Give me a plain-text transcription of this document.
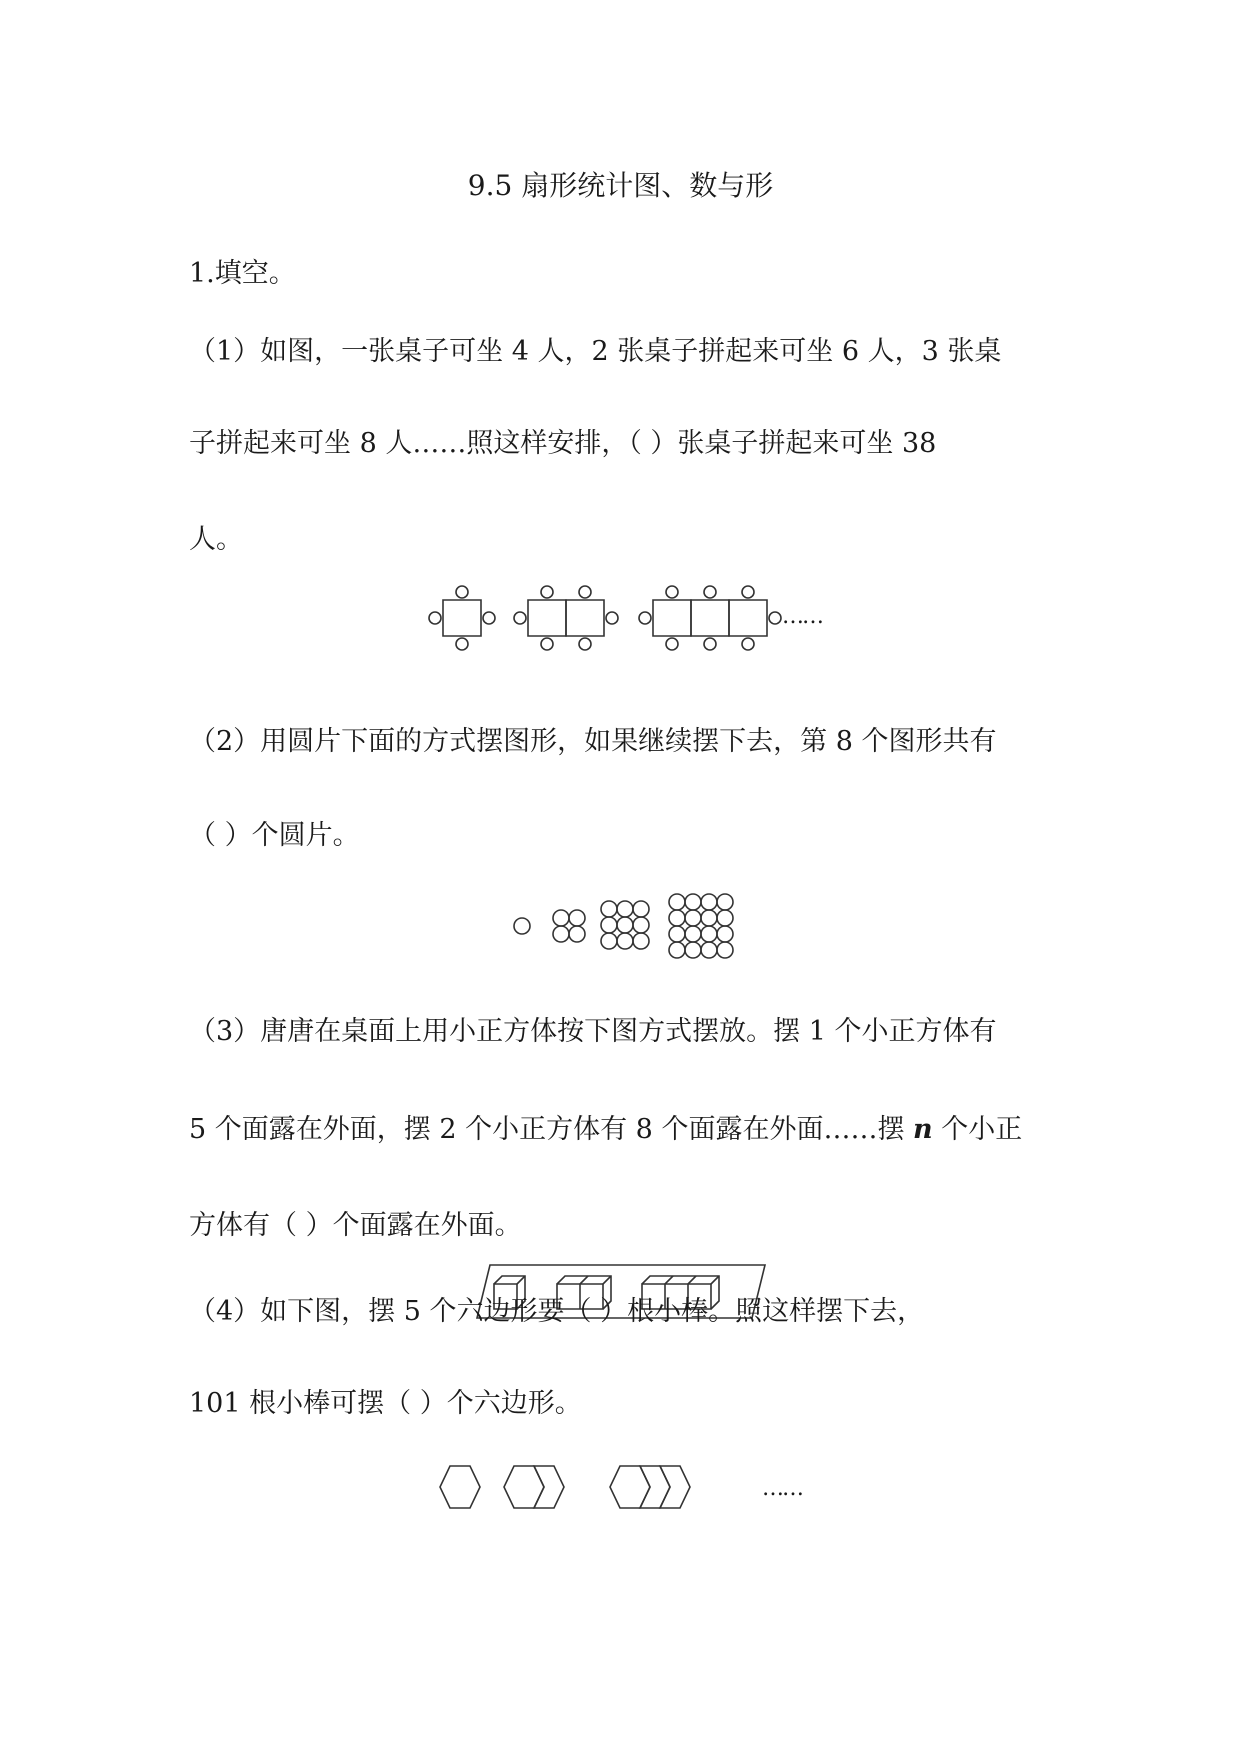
9.5 扇形统计图、数与形
1.填空。
（1）如图，一张桌子可坐 4 人，2 张桌子拼起来可坐 6 人，3 张桌
子拼起来可坐 8 人……照这样安排，（ ）张桌子拼起来可坐 38
人。
……
（2）用圆片下面的方式摆图形，如果继续摆下去，第 8 个图形共有
（ ）个圆片。
（3）唐唐在桌面上用小正方体按下图方式摆放。摆 1 个小正方体有
5 个面露在外面，摆 2 个小正方体有 8 个面露在外面……摆 n 个小正
方体有（ ）个面露在外面。
（4）如下图，摆 5 个六边形要（ ）根小棒。照这样摆下去，
101 根小棒可摆（ ）个六边形。
……
